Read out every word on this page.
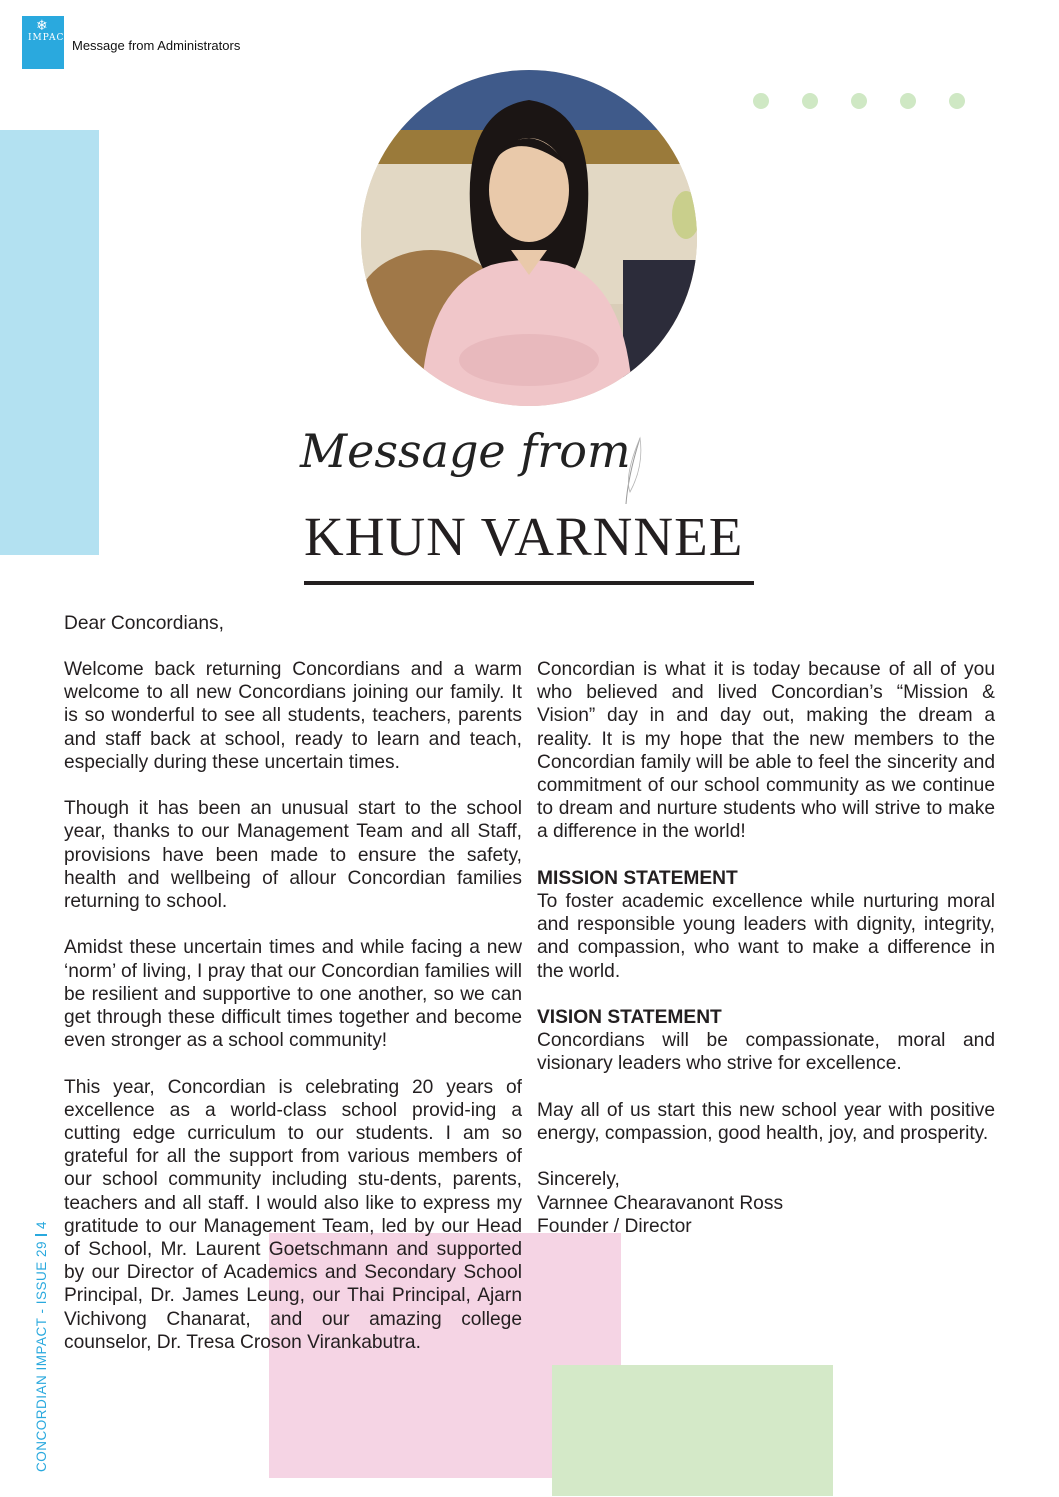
❄
IMPACT Message from Administrators
Message from
KHUN VARNNEE
Dear Concordians,

Welcome back returning Concordians and a warm welcome to all new Concordians joining our family. It is so wonderful to see all students, teachers, parents and staff back at school, ready to learn and teach, especially during these uncertain times.

Though it has been an unusual start to the school year, thanks to our Management Team and all Staff, provisions have been made to ensure the safety, health and wellbeing of allour Concordian families returning to school.

Amidst these uncertain times and while facing a new ‘norm’ of living, I pray that our Concordian families will be resilient and supportive to one another, so we can get through these difficult times together and become even stronger as a school community!

This year, Concordian is celebrating 20 years of excellence as a world-class school provid-ing a cutting edge curriculum to our students. I am so grateful for all the support from various members of our school community including stu-dents, parents, teachers and all staff. I would also like to express my gratitude to our Management Team, led by our Head of School, Mr. Laurent Goetschmann and supported by our Director of Academics and Secondary School Principal, Dr. James Leung, our Thai Principal, Ajarn Vichivong Chanarat, and our amazing college counselor, Dr. Tresa Croson Virankabutra.

Concordian is what it is today because of all of you who believed and lived Concordian’s “Mission & Vision” day in and day out, making the dream a reality. It is my hope that the new members to the Concordian family will be able to feel the sincerity and commitment of our school community as we continue to dream and nurture students who will strive to make a difference in the world!

MISSION STATEMENT

To foster academic excellence while nurturing moral and responsible young leaders with dignity, integrity, and compassion, who want to make a difference in the world.

VISION STATEMENT

Concordians will be compassionate, moral and visionary leaders who strive for excellence.

May all of us start this new school year with positive energy, compassion, good health, joy, and prosperity.

Sincerely,
Varnnee Chearavanont Ross
Founder / Director
CONCORDIAN IMPACT - ISSUE 294
